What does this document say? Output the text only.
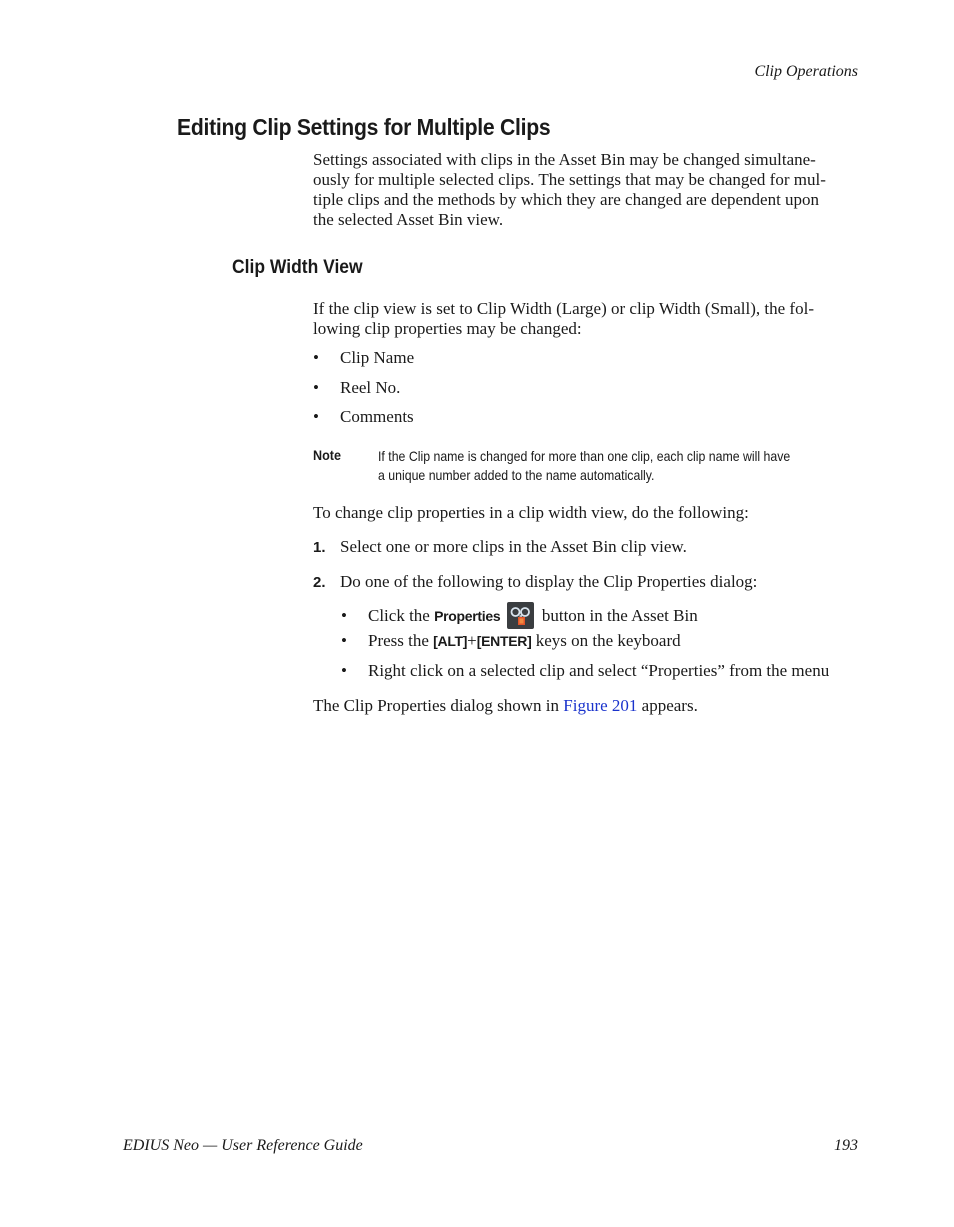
Clip Operations
Editing Clip Settings for Multiple Clips
Settings associated with clips in the Asset Bin may be changed simultane-
ously for multiple selected clips. The settings that may be changed for mul-
tiple clips and the methods by which they are changed are dependent upon
the selected Asset Bin view.
Clip Width View
If the clip view is set to Clip Width (Large) or clip Width (Small), the fol-
lowing clip properties may be changed:
• Clip Name
• Reel No.
• Comments
Note	If the Clip name is changed for more than one clip, each clip name will have
a unique number added to the name automatically.
To change clip properties in a clip width view, do the following:
1. Select one or more clips in the Asset Bin clip view.
2. Do one of the following to display the Clip Properties dialog:
• Click the Properties
button in the Asset Bin
• Press the [ALT]+[ENTER] keys on the keyboard
• Right click on a selected clip and select “Properties” from the menu
The Clip Properties dialog shown in Figure 201 appears.
EDIUS Neo — User Reference Guide	193
